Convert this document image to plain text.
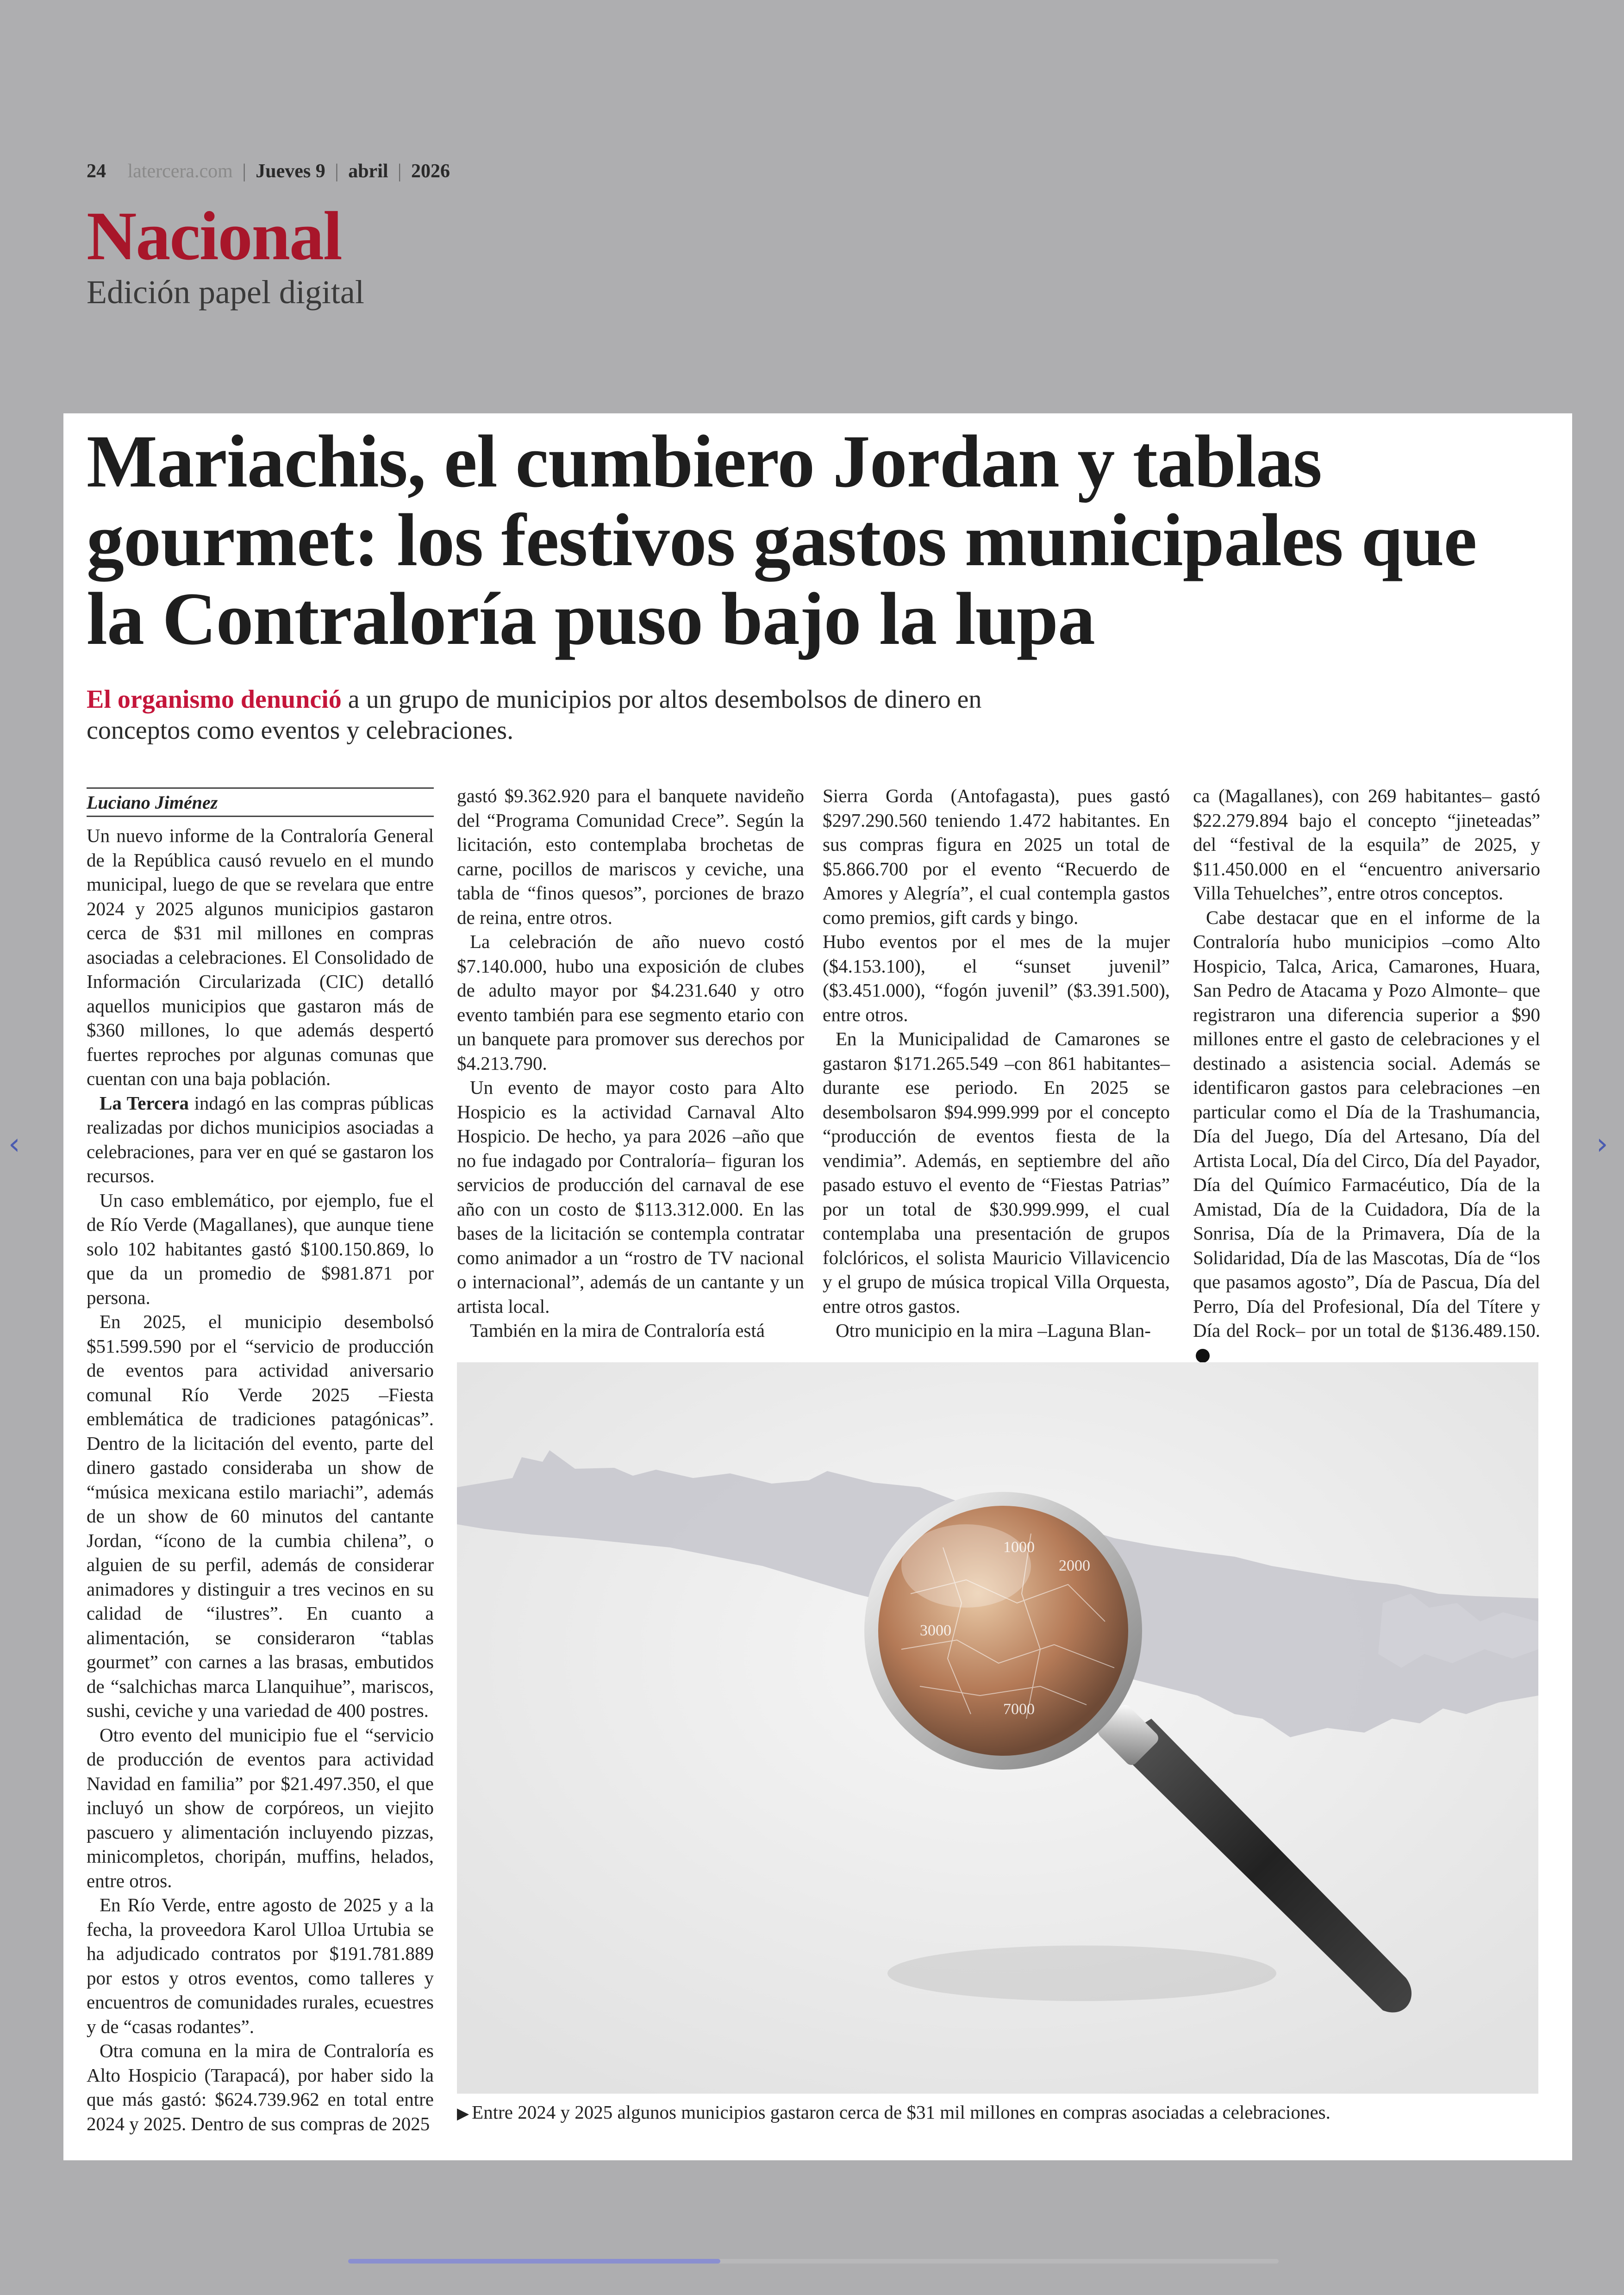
24 latercera.com | Jueves 9 | abril | 2026
Nacional
Edición papel digital
‹	›
Mariachis, el cumbiero Jordan y tablas gourmet: los festivos gastos municipales que la Contraloría puso bajo la lupa
El organismo denunció a un grupo de municipios por altos desembolsos de dinero en conceptos como eventos y celebraciones.
Luciano Jiménez

Un nuevo informe de la Contraloría General de la República causó revuelo en el mundo municipal, luego de que se revelara que entre 2024 y 2025 algunos municipios gastaron cerca de $31 mil millones en compras asociadas a celebraciones. El Consolidado de Información Circularizada (CIC) detalló aquellos municipios que gastaron más de $360 millones, lo que además despertó fuertes reproches por algunas comunas que cuentan con una baja población.

La Tercera indagó en las compras públicas realizadas por dichos municipios asociadas a celebraciones, para ver en qué se gastaron los recursos.

Un caso emblemático, por ejemplo, fue el de Río Verde (Magallanes), que aunque tiene solo 102 habitantes gastó $100.150.869, lo que da un promedio de $981.871 por persona.

En 2025, el municipio desembolsó $51.599.590 por el “servicio de producción de eventos para actividad aniversario comunal Río Verde 2025 –Fiesta emblemática de tradiciones patagónicas”. Dentro de la licitación del evento, parte del dinero gastado consideraba un show de “música mexicana estilo mariachi”, además de un show de 60 minutos del cantante Jordan, “ícono de la cumbia chilena”, o alguien de su perfil, además de considerar animadores y distinguir a tres vecinos en su calidad de “ilustres”. En cuanto a alimentación, se consideraron “tablas gourmet” con carnes a las brasas, embutidos de “salchichas marca Llanquihue”, mariscos, sushi, ceviche y una variedad de 400 postres.

Otro evento del municipio fue el “servicio de producción de eventos para actividad Navidad en familia” por $21.497.350, el que incluyó un show de corpóreos, un viejito pascuero y alimentación incluyendo pizzas, minicompletos, choripán, muffins, helados, entre otros.

En Río Verde, entre agosto de 2025 y a la fecha, la proveedora Karol Ulloa Urtubia se ha adjudicado contratos por $191.781.889 por estos y otros eventos, como talleres y encuentros de comunidades rurales, ecuestres y de “casas rodantes”.

Otra comuna en la mira de Contraloría es Alto Hospicio (Tarapacá), por haber sido la que más gastó: $624.739.962 en total entre 2024 y 2025. Dentro de sus compras de 2025

gastó $9.362.920 para el banquete navideño del “Programa Comunidad Crece”. Según la licitación, esto contemplaba brochetas de carne, pocillos de mariscos y ceviche, una tabla de “finos quesos”, porciones de brazo de reina, entre otros.

La celebración de año nuevo costó $7.140.000, hubo una exposición de clubes de adulto mayor por $4.231.640 y otro evento también para ese segmento etario con un banquete para promover sus derechos por $4.213.790.

Un evento de mayor costo para Alto Hospicio es la actividad Carnaval Alto Hospicio. De hecho, ya para 2026 –año que no fue indagado por Contraloría– figuran los servicios de producción del carnaval de ese año con un costo de $113.312.000. En las bases de la licitación se contempla contratar como animador a un “rostro de TV nacional o internacional”, además de un cantante y un artista local.

También en la mira de Contraloría está

Sierra Gorda (Antofagasta), pues gastó $297.290.560 teniendo 1.472 habitantes. En sus compras figura en 2025 un total de $5.866.700 por el evento “Recuerdo de Amores y Alegría”, el cual contempla gastos como premios, gift cards y bingo.

Hubo eventos por el mes de la mujer ($4.153.100), el “sunset juvenil” ($3.451.000), “fogón juvenil” ($3.391.500), entre otros.

En la Municipalidad de Camarones se gastaron $171.265.549 –con 861 habitantes– durante ese periodo. En 2025 se desembolsaron $94.999.999 por el concepto “producción de eventos fiesta de la vendimia”. Además, en septiembre del año pasado estuvo el evento de “Fiestas Patrias” por un total de $30.999.999, el cual contemplaba una presentación de grupos folclóricos, el solista Mauricio Villavicencio y el grupo de música tropical Villa Orquesta, entre otros gastos.

Otro municipio en la mira –Laguna Blan-

ca (Magallanes), con 269 habitantes– gastó $22.279.894 bajo el concepto “jineteadas” del “festival de la esquila” de 2025, y $11.450.000 en el “encuentro aniversario Villa Tehuelches”, entre otros conceptos.

Cabe destacar que en el informe de la Contraloría hubo municipios –como Alto Hospicio, Talca, Arica, Camarones, Huara, San Pedro de Atacama y Pozo Almonte– que registraron una diferencia superior a $90 millones entre el gasto de celebraciones y el destinado a asistencia social. Además se identificaron gastos para celebraciones –en particular como el Día de la Trashumancia, Día del Juego, Día del Artesano, Día del Artista Local, Día del Circo, Día del Payador, Día del Químico Farmacéutico, Día de la Amistad, Día de la Cuidadora, Día de la Sonrisa, Día de la Primavera, Día de la Solidaridad, Día de las Mascotas, Día de “los que pasamos agosto”, Día de Pascua, Día del Perro, Día del Profesional, Día del Títere y Día del Rock– por un total de $136.489.150.

1000
2000
3000
7000
▶ Entre 2024 y 2025 algunos municipios gastaron cerca de $31 mil millones en compras asociadas a celebraciones.
